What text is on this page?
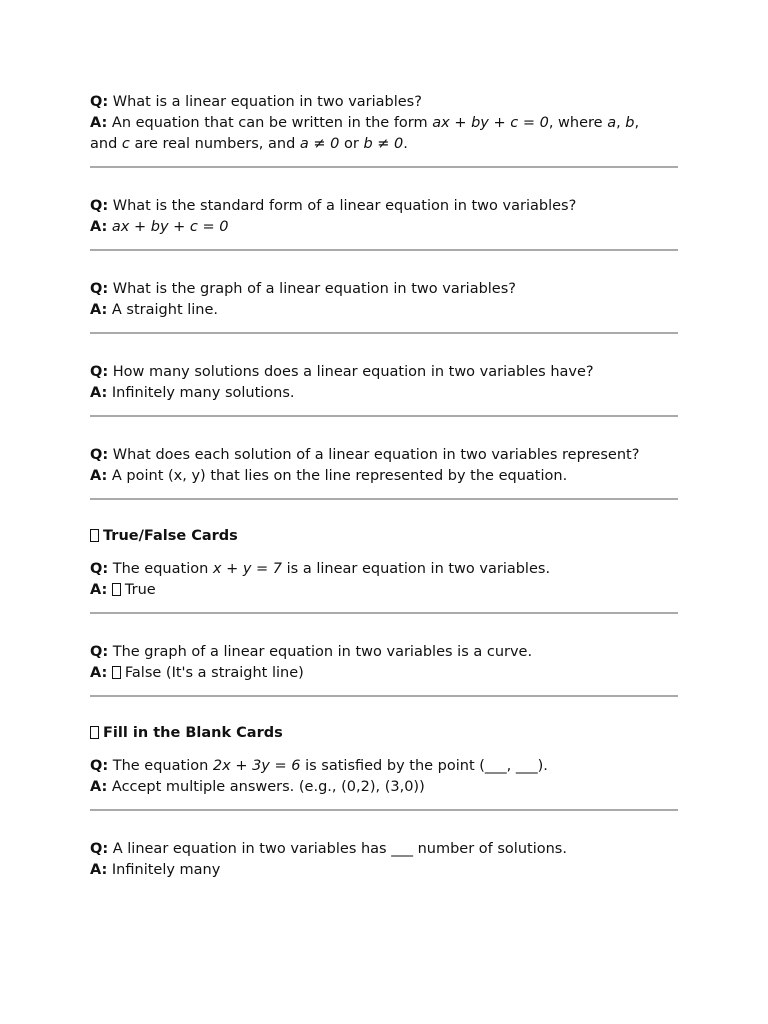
Q: What is a linear equation in two variables?

A: An equation that can be written in the form ax + by + c = 0, where a, b,
and c are real numbers, and a ≠ 0 or b ≠ 0.

Q: What is the standard form of a linear equation in two variables?

A: ax + by + c = 0

Q: What is the graph of a linear equation in two variables?

A: A straight line.

Q: How many solutions does a linear equation in two variables have?

A: Infinitely many solutions.

Q: What does each solution of a linear equation in two variables represent?

A: A point (x, y) that lies on the line represented by the equation.

True/False Cards

Q: The equation x + y = 7 is a linear equation in two variables.

A: True

Q: The graph of a linear equation in two variables is a curve.

A: False (It's a straight line)

Fill in the Blank Cards

Q: The equation 2x + 3y = 6 is satisfied by the point (___, ___).

A: Accept multiple answers. (e.g., (0,2), (3,0))

Q: A linear equation in two variables has ___ number of solutions.

A: Infinitely many
